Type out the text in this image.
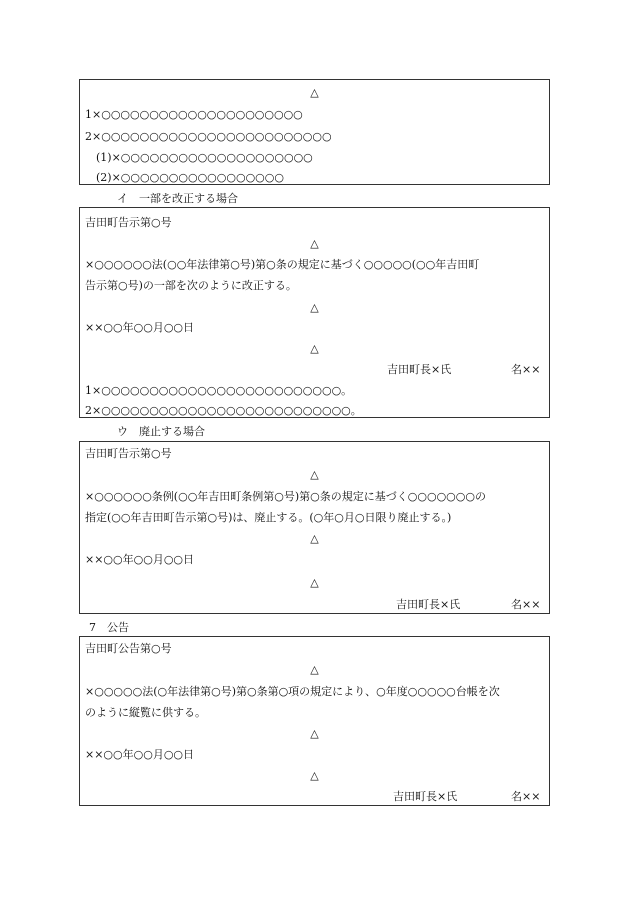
△
1×○○○○○○○○○○○○○○○○○○○○○
2×○○○○○○○○○○○○○○○○○○○○○○○○
(1)×○○○○○○○○○○○○○○○○○○○○
(2)×○○○○○○○○○○○○○○○○○
イ　一部を改正する場合
吉田町告示第○号
△
×○○○○○○法(○○年法律第○号)第○条の規定に基づく○○○○○(○○年吉田町
告示第○号)の一部を次のように改正する。
△
××○○年○○月○○日
△
吉田町長×氏	名××
1×○○○○○○○○○○○○○○○○○○○○○○○○○。
2×○○○○○○○○○○○○○○○○○○○○○○○○○○。
ウ　廃止する場合
吉田町告示第○号
△
×○○○○○○条例(○○年吉田町条例第○号)第○条の規定に基づく○○○○○○○の
指定(○○年吉田町告示第○号)は、廃止する。(○年○月○日限り廃止する。)
△
××○○年○○月○○日
△
吉田町長×氏	名××
7　公告
吉田町公告第○号
△
×○○○○○法(○年法律第○号)第○条第○項の規定により、○年度○○○○○台帳を次
のように縦覧に供する。
△
××○○年○○月○○日
△
吉田町長×氏	名××
